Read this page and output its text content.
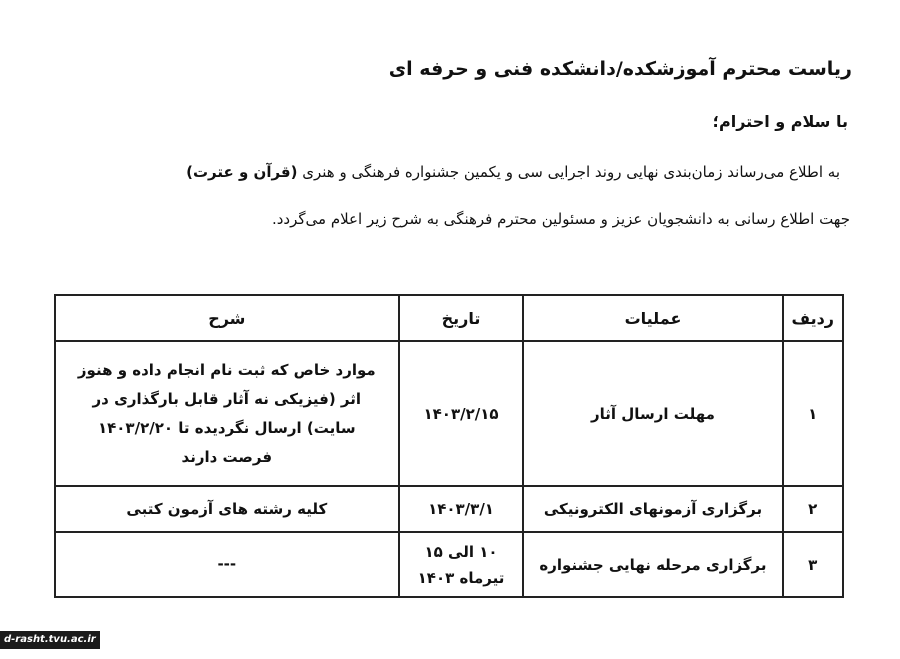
ریاست محترم آموزشکده/دانشکده فنی و حرفه ای
با سلام و احترام؛
به اطلاع می‌رساند زمان‌بندی نهایی روند اجرایی سی و یکمین جشنواره فرهنگی و هنری (قرآن و عترت)
جهت اطلاع رسانی به دانشجویان عزیز و مسئولین محترم فرهنگی به شرح زیر اعلام می‌گردد.
ردیف	عملیات	تاریخ	شرح
۱	مهلت ارسال آثار	۱۴۰۳/۲/۱۵	موارد خاص که ثبت نام انجام داده و هنوز
اثر (فیزیکی نه آثار قابل بارگذاری در
سایت) ارسال نگردیده تا ۱۴۰۳/۲/۲۰
فرصت دارند

۲	برگزاری آزمونهای الکترونیکی	۱۴۰۳/۳/۱	کلیه رشته های آزمون کتبی
۳	برگزاری مرحله نهایی جشنواره	۱۰ الی ۱۵
تیرماه ۱۴۰۳	---
d-rasht.tvu.ac.ir
